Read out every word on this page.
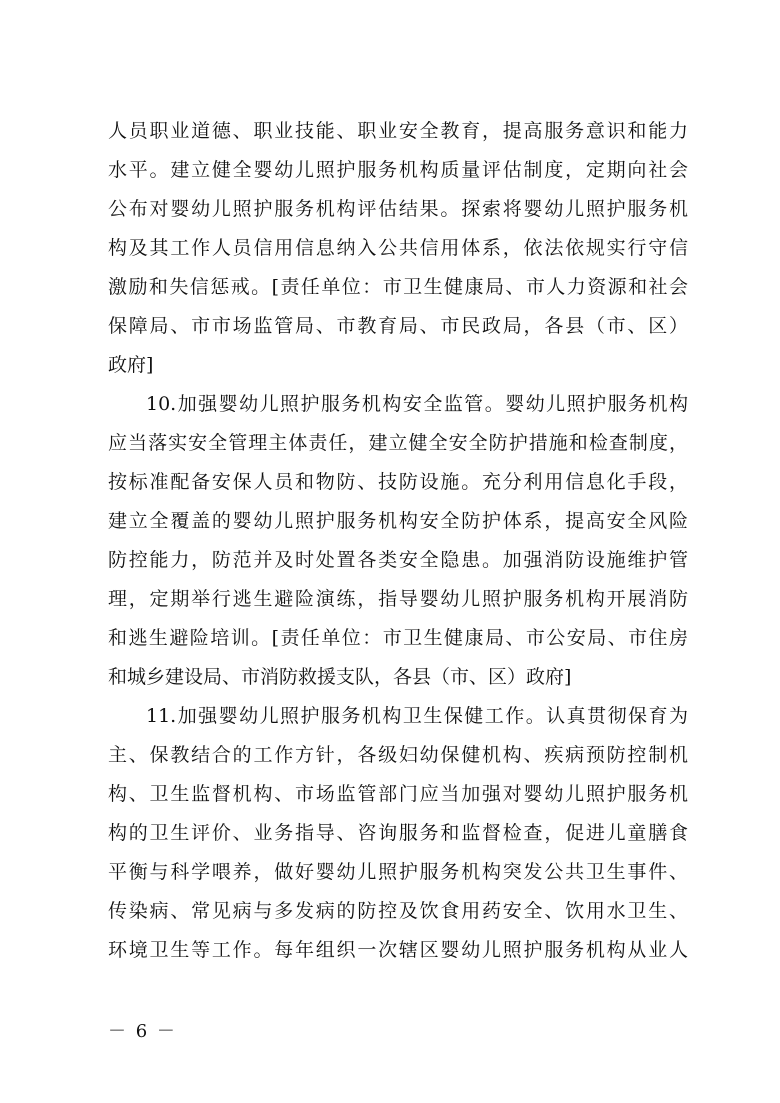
人员职业道德、职业技能、职业安全教育，提高服务意识和能力
水平。建立健全婴幼儿照护服务机构质量评估制度，定期向社会
公布对婴幼儿照护服务机构评估结果。探索将婴幼儿照护服务机
构及其工作人员信用信息纳入公共信用体系，依法依规实行守信
激励和失信惩戒。[责任单位：市卫生健康局、市人力资源和社会
保障局、市市场监管局、市教育局、市民政局，各县（市、区）
政府]
10.加强婴幼儿照护服务机构安全监管。婴幼儿照护服务机构
应当落实安全管理主体责任，建立健全安全防护措施和检查制度，
按标准配备安保人员和物防、技防设施。充分利用信息化手段，
建立全覆盖的婴幼儿照护服务机构安全防护体系，提高安全风险
防控能力，防范并及时处置各类安全隐患。加强消防设施维护管
理，定期举行逃生避险演练，指导婴幼儿照护服务机构开展消防
和逃生避险培训。[责任单位：市卫生健康局、市公安局、市住房
和城乡建设局、市消防救援支队，各县（市、区）政府]
11.加强婴幼儿照护服务机构卫生保健工作。认真贯彻保育为
主、保教结合的工作方针，各级妇幼保健机构、疾病预防控制机
构、卫生监督机构、市场监管部门应当加强对婴幼儿照护服务机
构的卫生评价、业务指导、咨询服务和监督检查，促进儿童膳食
平衡与科学喂养，做好婴幼儿照护服务机构突发公共卫生事件、
传染病、常见病与多发病的防控及饮食用药安全、饮用水卫生、
环境卫生等工作。每年组织一次辖区婴幼儿照护服务机构从业人
－ 6 －
